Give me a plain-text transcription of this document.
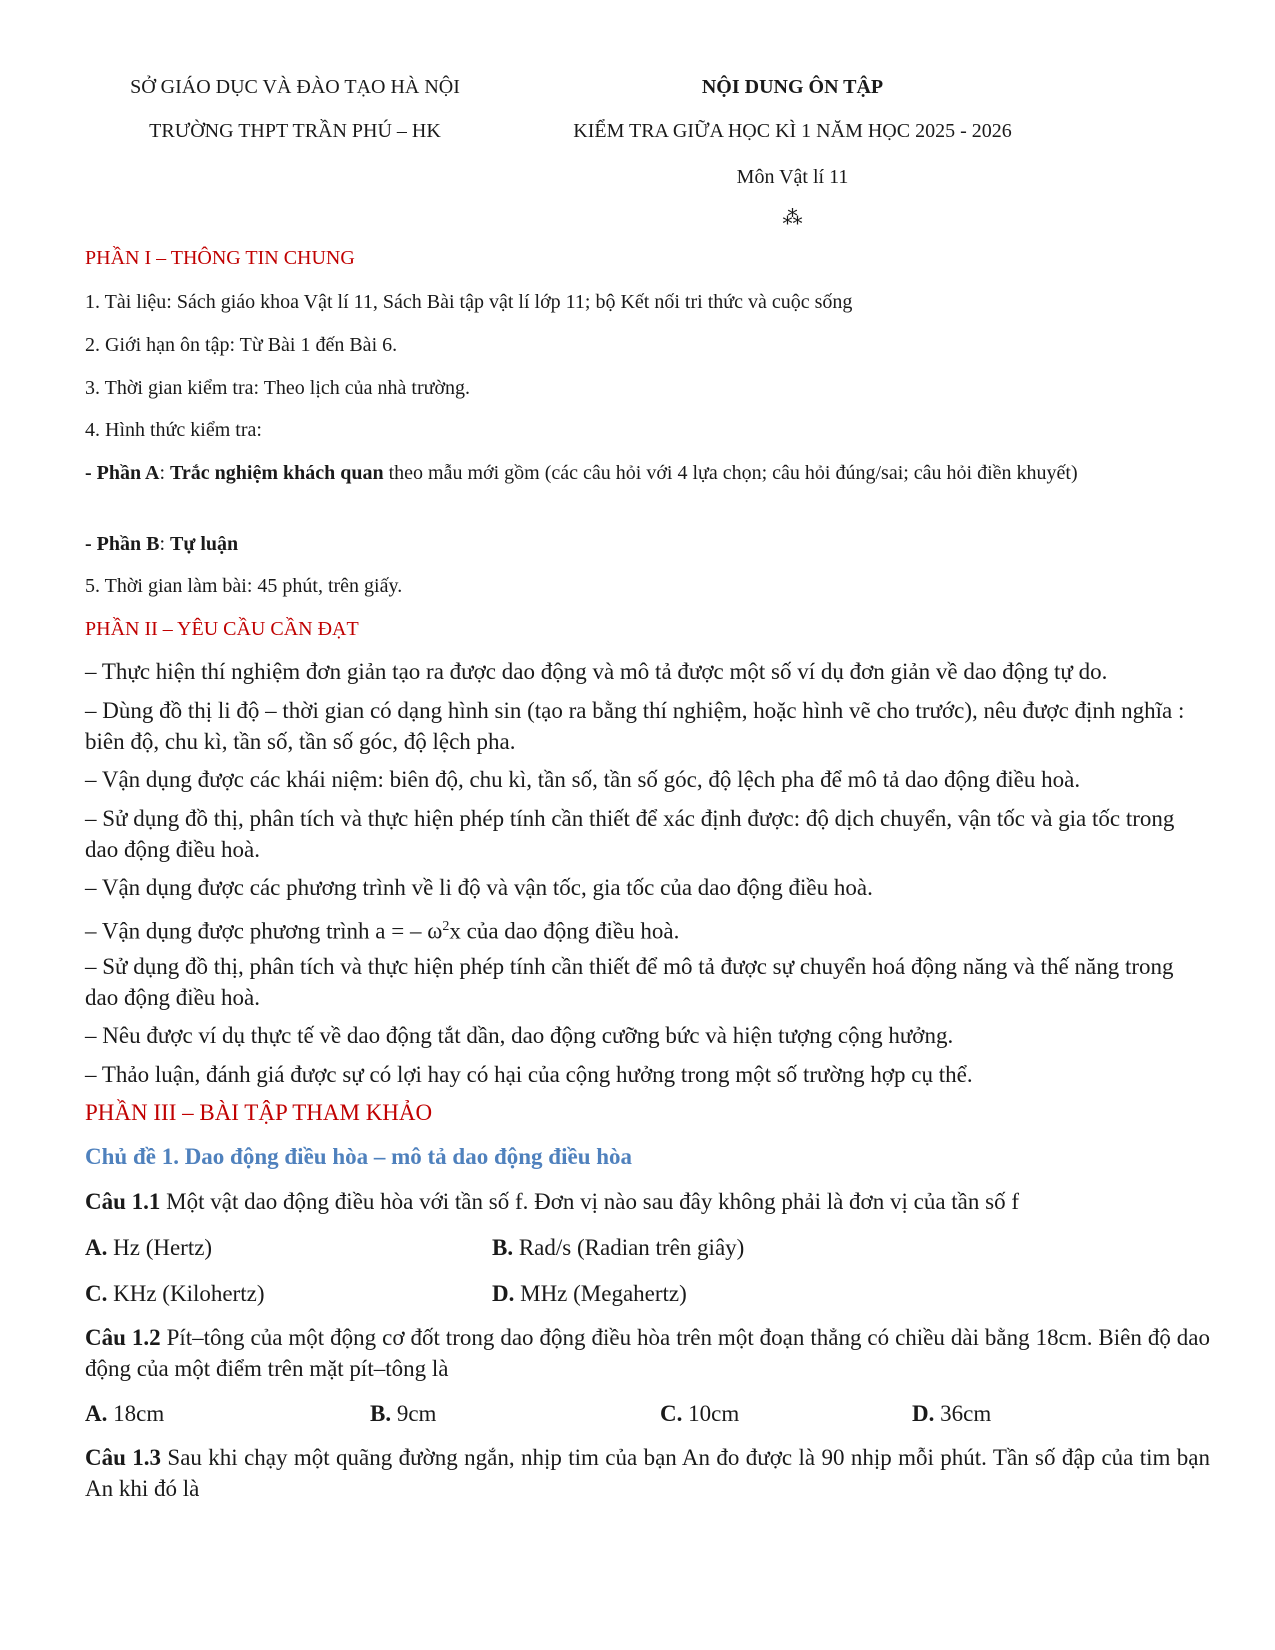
SỞ GIÁO DỤC VÀ ĐÀO TẠO HÀ NỘI
TRƯỜNG THPT TRẦN PHÚ – HK
NỘI DUNG ÔN TẬP
KIỂM TRA GIỮA HỌC KÌ 1 NĂM HỌC 2025 - 2026
Môn Vật lí 11
⁂
PHẦN I – THÔNG TIN CHUNG
1. Tài liệu: Sách giáo khoa Vật lí 11, Sách Bài tập vật lí lớp 11; bộ Kết nối tri thức và cuộc sống
2. Giới hạn ôn tập: Từ Bài 1 đến Bài 6.
3. Thời gian kiểm tra: Theo lịch của nhà trường.
4. Hình thức kiểm tra:
- Phần A: Trắc nghiệm khách quan theo mẫu mới gồm (các câu hỏi với 4 lựa chọn; câu hỏi đúng/sai; câu hỏi điền khuyết)
- Phần B: Tự luận
5. Thời gian làm bài: 45 phút, trên giấy.
PHẦN II – YÊU CẦU CẦN ĐẠT
– Thực hiện thí nghiệm đơn giản tạo ra được dao động và mô tả được một số ví dụ đơn giản về dao động tự do.
– Dùng đồ thị li độ – thời gian có dạng hình sin (tạo ra bằng thí nghiệm, hoặc hình vẽ cho trước), nêu được định nghĩa : biên độ, chu kì, tần số, tần số góc, độ lệch pha.
– Vận dụng được các khái niệm: biên độ, chu kì, tần số, tần số góc, độ lệch pha để mô tả dao động điều hoà.
– Sử dụng đồ thị, phân tích và thực hiện phép tính cần thiết để xác định được: độ dịch chuyển, vận tốc và gia tốc trong dao động điều hoà.
– Vận dụng được các phương trình về li độ và vận tốc, gia tốc của dao động điều hoà.
– Vận dụng được phương trình a = – $\omega^2x$ của dao động điều hoà.
– Sử dụng đồ thị, phân tích và thực hiện phép tính cần thiết để mô tả được sự chuyển hoá động năng và thế năng trong dao động điều hoà.
– Nêu được ví dụ thực tế về dao động tắt dần, dao động cưỡng bức và hiện tượng cộng hưởng.
– Thảo luận, đánh giá được sự có lợi hay có hại của cộng hưởng trong một số trường hợp cụ thể.
PHẦN III – BÀI TẬP THAM KHẢO
Chủ đề 1. Dao động điều hòa – mô tả dao động điều hòa
Câu 1.1 Một vật dao động điều hòa với tần số f. Đơn vị nào sau đây không phải là đơn vị của tần số f
A. Hz (Hertz)	B. Rad/s (Radian trên giây)
C. KHz (Kilohertz)	D. MHz (Megahertz)
Câu 1.2 Pít–tông của một động cơ đốt trong dao động điều hòa trên một đoạn thẳng có chiều dài bằng 18cm. Biên độ dao động của một điểm trên mặt pít–tông là
A. 18cm	B. 9cm	C. 10cm	D. 36cm
Câu 1.3 Sau khi chạy một quãng đường ngắn, nhịp tim của bạn An đo được là 90 nhịp mỗi phút. Tần số đập của tim bạn An khi đó là
